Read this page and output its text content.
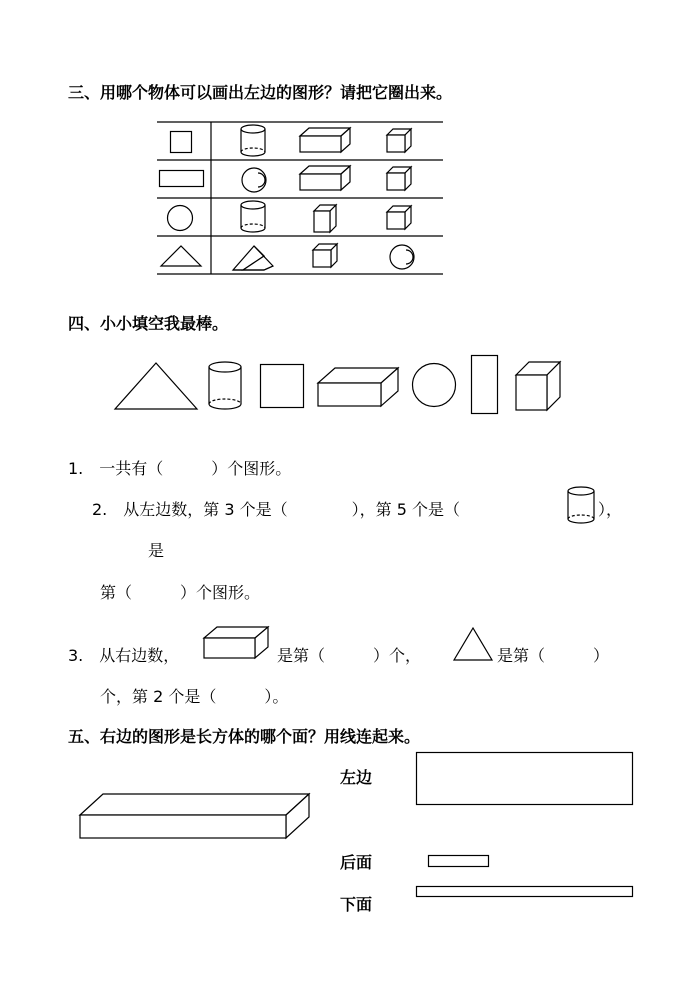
三、用哪个物体可以画出左边的图形？请把它圈出来。
四、小小填空我最棒。
1.　一共有（　　　）个图形。
2.　从左边数，第 3 个是（　　　　），第 5 个是（	），
是
第（　　　）个图形。
3.　从右边数，	是第（　　　）个，	是第（　　　）
个，第 2 个是（　　　）。
五、右边的图形是长方体的哪个面？用线连起来。
左边
后面
下面
